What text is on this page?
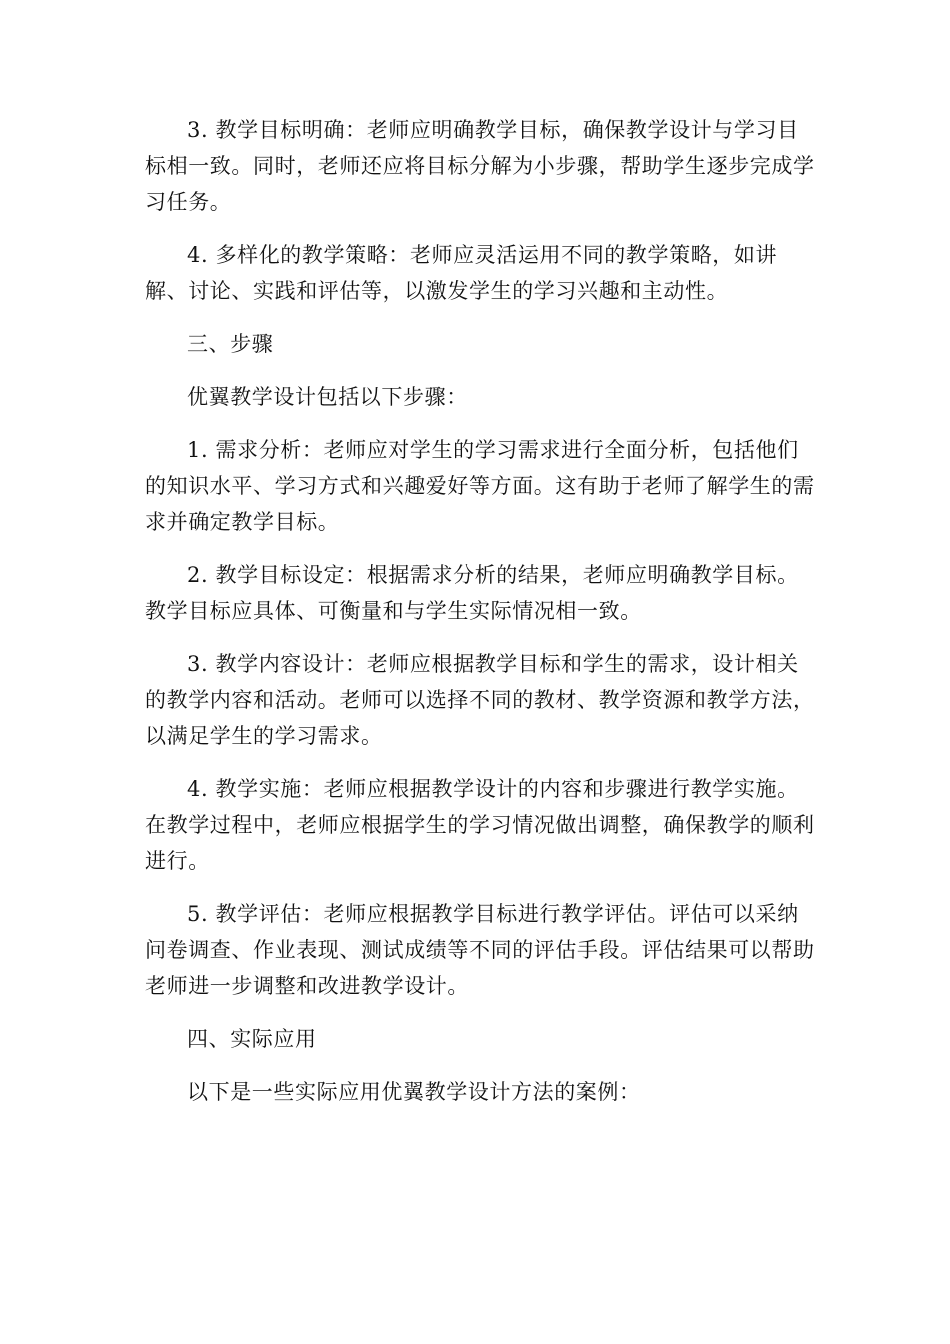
3. 教学目标明确：老师应明确教学目标，确保教学设计与学习目标相一致。同时，老师还应将目标分解为小步骤，帮助学生逐步完成学习任务。

4. 多样化的教学策略：老师应灵活运用不同的教学策略，如讲解、讨论、实践和评估等，以激发学生的学习兴趣和主动性。

三、步骤

优翼教学设计包括以下步骤：

1. 需求分析：老师应对学生的学习需求进行全面分析，包括他们的知识水平、学习方式和兴趣爱好等方面。这有助于老师了解学生的需求并确定教学目标。

2. 教学目标设定：根据需求分析的结果，老师应明确教学目标。教学目标应具体、可衡量和与学生实际情况相一致。

3. 教学内容设计：老师应根据教学目标和学生的需求，设计相关的教学内容和活动。老师可以选择不同的教材、教学资源和教学方法，以满足学生的学习需求。

4. 教学实施：老师应根据教学设计的内容和步骤进行教学实施。在教学过程中，老师应根据学生的学习情况做出调整，确保教学的顺利进行。

5. 教学评估：老师应根据教学目标进行教学评估。评估可以采纳问卷调查、作业表现、测试成绩等不同的评估手段。评估结果可以帮助老师进一步调整和改进教学设计。

四、实际应用

以下是一些实际应用优翼教学设计方法的案例：
